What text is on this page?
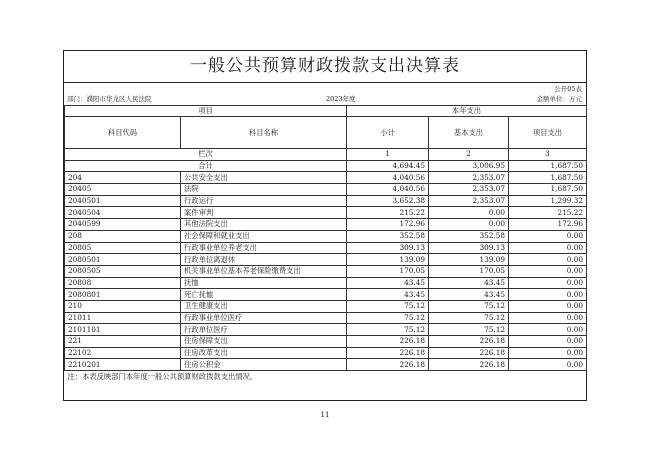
一般公共预算财政拨款支出决算表
公开05表
部门：濮阳市华龙区人民法院	2023年度	金额单位：万元
项目		本年支出		
科目代码	科目名称	小计	基本支出	项目支出
栏次		1	2	3
合计		4,694.45	3,006.95	1,687.50
204	公共安全支出	4,040.56	2,353.07	1,687.50
20405	法院	4,040.56	2,353.07	1,687.50
2040501	行政运行	3,652.38	2,353.07	1,299.32
2040504	案件审判	215.22	0.00	215.22
2040599	其他法院支出	172.96	0.00	172.96
208	社会保障和就业支出	352.58	352.58	0.00
20805	行政事业单位养老支出	309.13	309.13	0.00
2080501	行政单位离退休	139.09	139.09	0.00
2080505	机关事业单位基本养老保险缴费支出	170.05	170.05	0.00
20808	抚恤	43.45	43.45	0.00
2080801	死亡抚恤	43.45	43.45	0.00
210	卫生健康支出	75.12	75.12	0.00
21011	行政事业单位医疗	75.12	75.12	0.00
2101101	行政单位医疗	75.12	75.12	0.00
221	住房保障支出	226.18	226.18	0.00
22102	住房改革支出	226.18	226.18	0.00
2210201	住房公积金	226.18	226.18	0.00
注：本表反映部门本年度一般公共预算财政拨款支出情况。				
11
